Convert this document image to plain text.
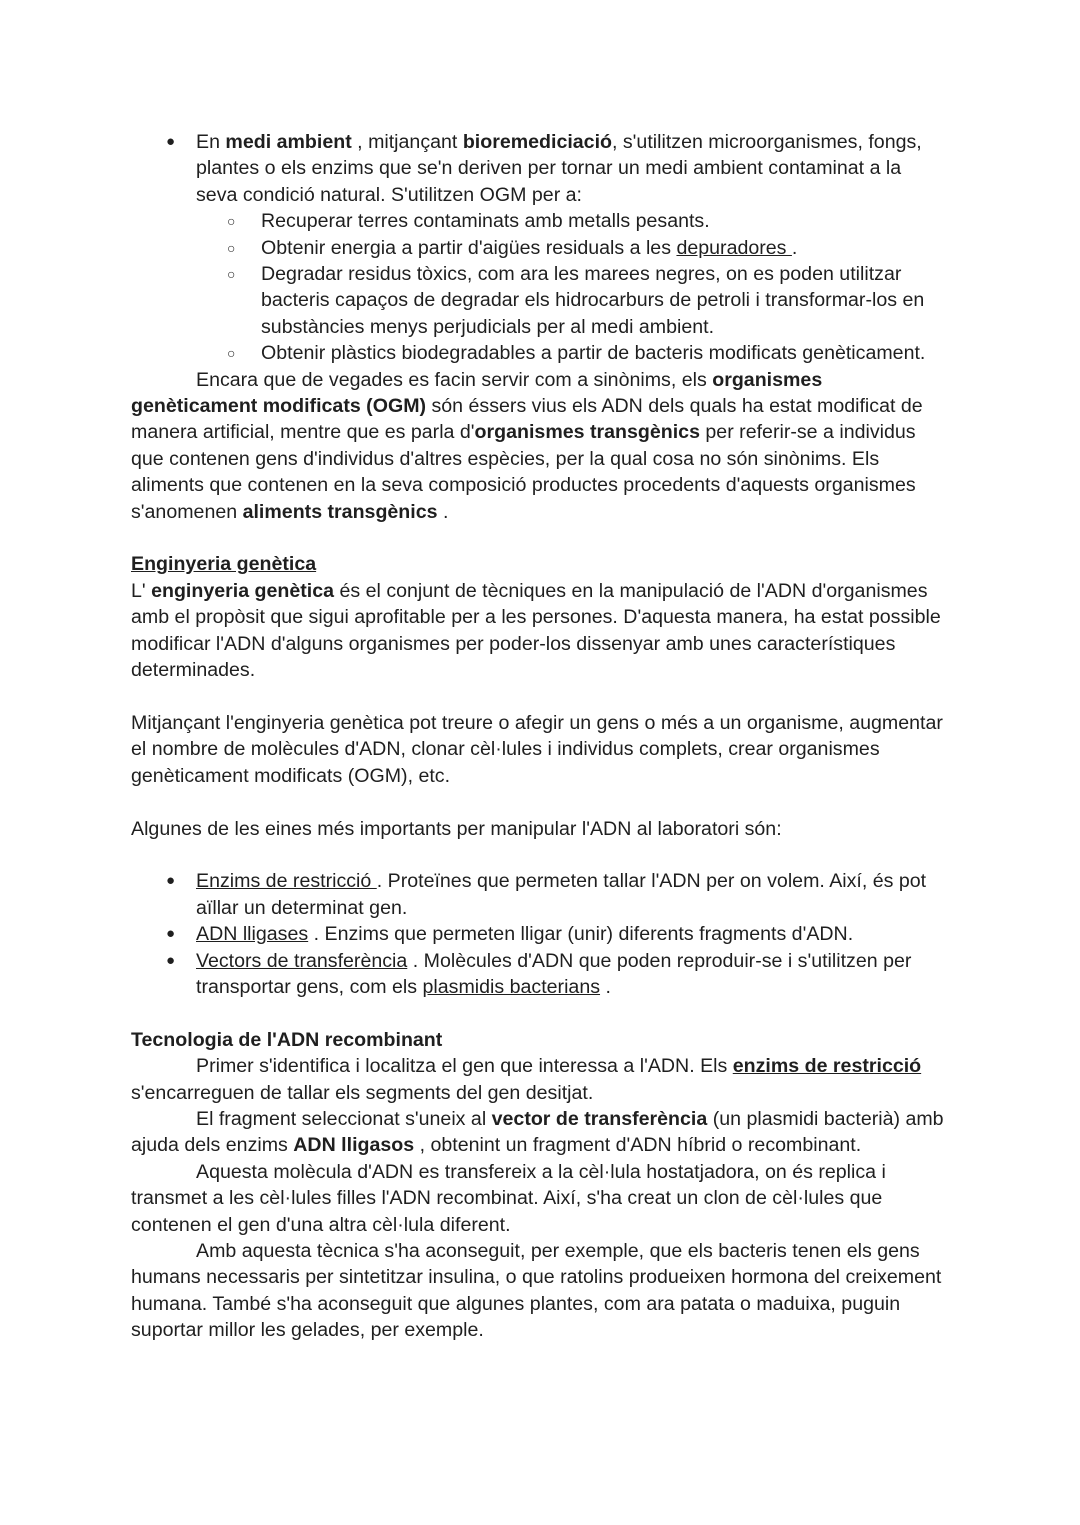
●	En medi ambient , mitjançant bioremediciació, s'utilitzen microorganismes, fongs, plantes o els enzims que se'n deriven per tornar un medi ambient contaminat a la seva condició natural. S'utilitzen OGM per a:

○ Recuperar terres contaminats amb metalls pesants.

○ Obtenir energia a partir d'aigües residuals a les depuradores .

○ Degradar residus tòxics, com ara les marees negres, on es poden utilitzar bacteris capaços de degradar els hidrocarburs de petroli i transformar-los en substàncies menys perjudicials per al medi ambient.

○ Obtenir plàstics biodegradables a partir de bacteris modificats genèticament.

Encara que de vegades es facin servir com a sinònims, els organismes genèticament modificats (OGM) són éssers vius els ADN dels quals ha estat modificat de manera artificial, mentre que es parla d'organismes transgènics per referir-se a individus que contenen gens d'individus d'altres espècies, per la qual cosa no són sinònims. Els aliments que contenen en la seva composició productes procedents d'aquests organismes s'anomenen aliments transgènics .

Enginyeria genètica

L' enginyeria genètica és el conjunt de tècniques en la manipulació de l'ADN d'organismes amb el propòsit que sigui aprofitable per a les persones. D'aquesta manera, ha estat possible modificar l'ADN d'alguns organismes per poder-los dissenyar amb unes característiques determinades.

Mitjançant l'enginyeria genètica pot treure o afegir un gens o més a un organisme, augmentar el nombre de molècules d'ADN, clonar cèl·lules i individus complets, crear organismes genèticament modificats (OGM), etc.

Algunes de les eines més importants per manipular l'ADN al laboratori són:

●	Enzims de restricció . Proteïnes que permeten tallar l'ADN per on volem. Així, és pot aïllar un determinat gen.

●	ADN lligases . Enzims que permeten lligar (unir) diferents fragments d'ADN.

●	Vectors de transferència . Molècules d'ADN que poden reproduir-se i s'utilitzen per transportar gens, com els plasmidis bacterians .

Tecnologia de l'ADN recombinant

Primer s'identifica i localitza el gen que interessa a l'ADN. Els enzims de restricció s'encarreguen de tallar els segments del gen desitjat.

El fragment seleccionat s'uneix al vector de transferència (un plasmidi bacterià) amb ajuda dels enzims ADN lligasos , obtenint un fragment d'ADN híbrid o recombinant.

Aquesta molècula d'ADN es transfereix a la cèl·lula hostatjadora, on és replica i transmet a les cèl·lules filles l'ADN recombinat. Així, s'ha creat un clon de cèl·lules que contenen el gen d'una altra cèl·lula diferent.

Amb aquesta tècnica s'ha aconseguit, per exemple, que els bacteris tenen els gens humans necessaris per sintetitzar insulina, o que ratolins produeixen hormona del creixement humana. També s'ha aconseguit que algunes plantes, com ara patata o maduixa, puguin suportar millor les gelades, per exemple.
